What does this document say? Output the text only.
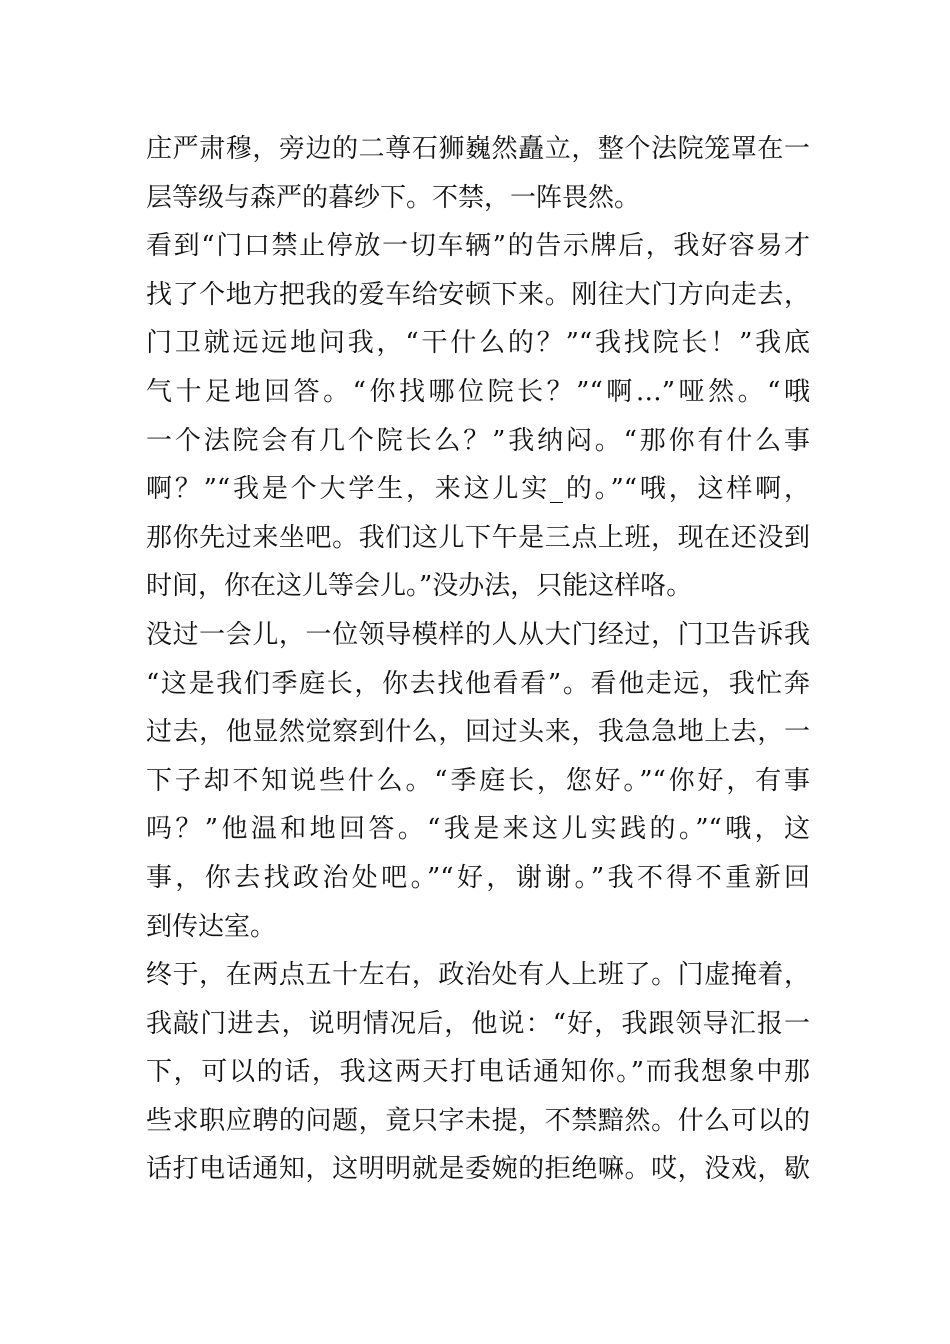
庄严肃穆，旁边的二尊石狮巍然矗立，整个法院笼罩在一
层等级与森严的暮纱下。不禁，一阵畏然。
看到“门口禁止停放一切车辆”的告示牌后，我好容易才
找了个地方把我的爱车给安顿下来。刚往大门方向走去，
门卫就远远地问我，“干什么的？”“我找院长！”我底
气十足地回答。“你找哪位院长？”“啊…”哑然。“哦
一个法院会有几个院长么？”我纳闷。“那你有什么事
啊？”“我是个大学生，来这儿实_的。”“哦，这样啊，
那你先过来坐吧。我们这儿下午是三点上班，现在还没到
时间，你在这儿等会儿。”没办法，只能这样咯。
没过一会儿，一位领导模样的人从大门经过，门卫告诉我
“这是我们季庭长，你去找他看看”。看他走远，我忙奔
过去，他显然觉察到什么，回过头来，我急急地上去，一
下子却不知说些什么。“季庭长，您好。”“你好，有事
吗？”他温和地回答。“我是来这儿实践的。”“哦，这
事，你去找政治处吧。”“好，谢谢。”我不得不重新回
到传达室。
终于，在两点五十左右，政治处有人上班了。门虚掩着，
我敲门进去，说明情况后，他说：“好，我跟领导汇报一
下，可以的话，我这两天打电话通知你。”而我想象中那
些求职应聘的问题，竟只字未提，不禁黯然。什么可以的
话打电话通知，这明明就是委婉的拒绝嘛。哎，没戏，歇
